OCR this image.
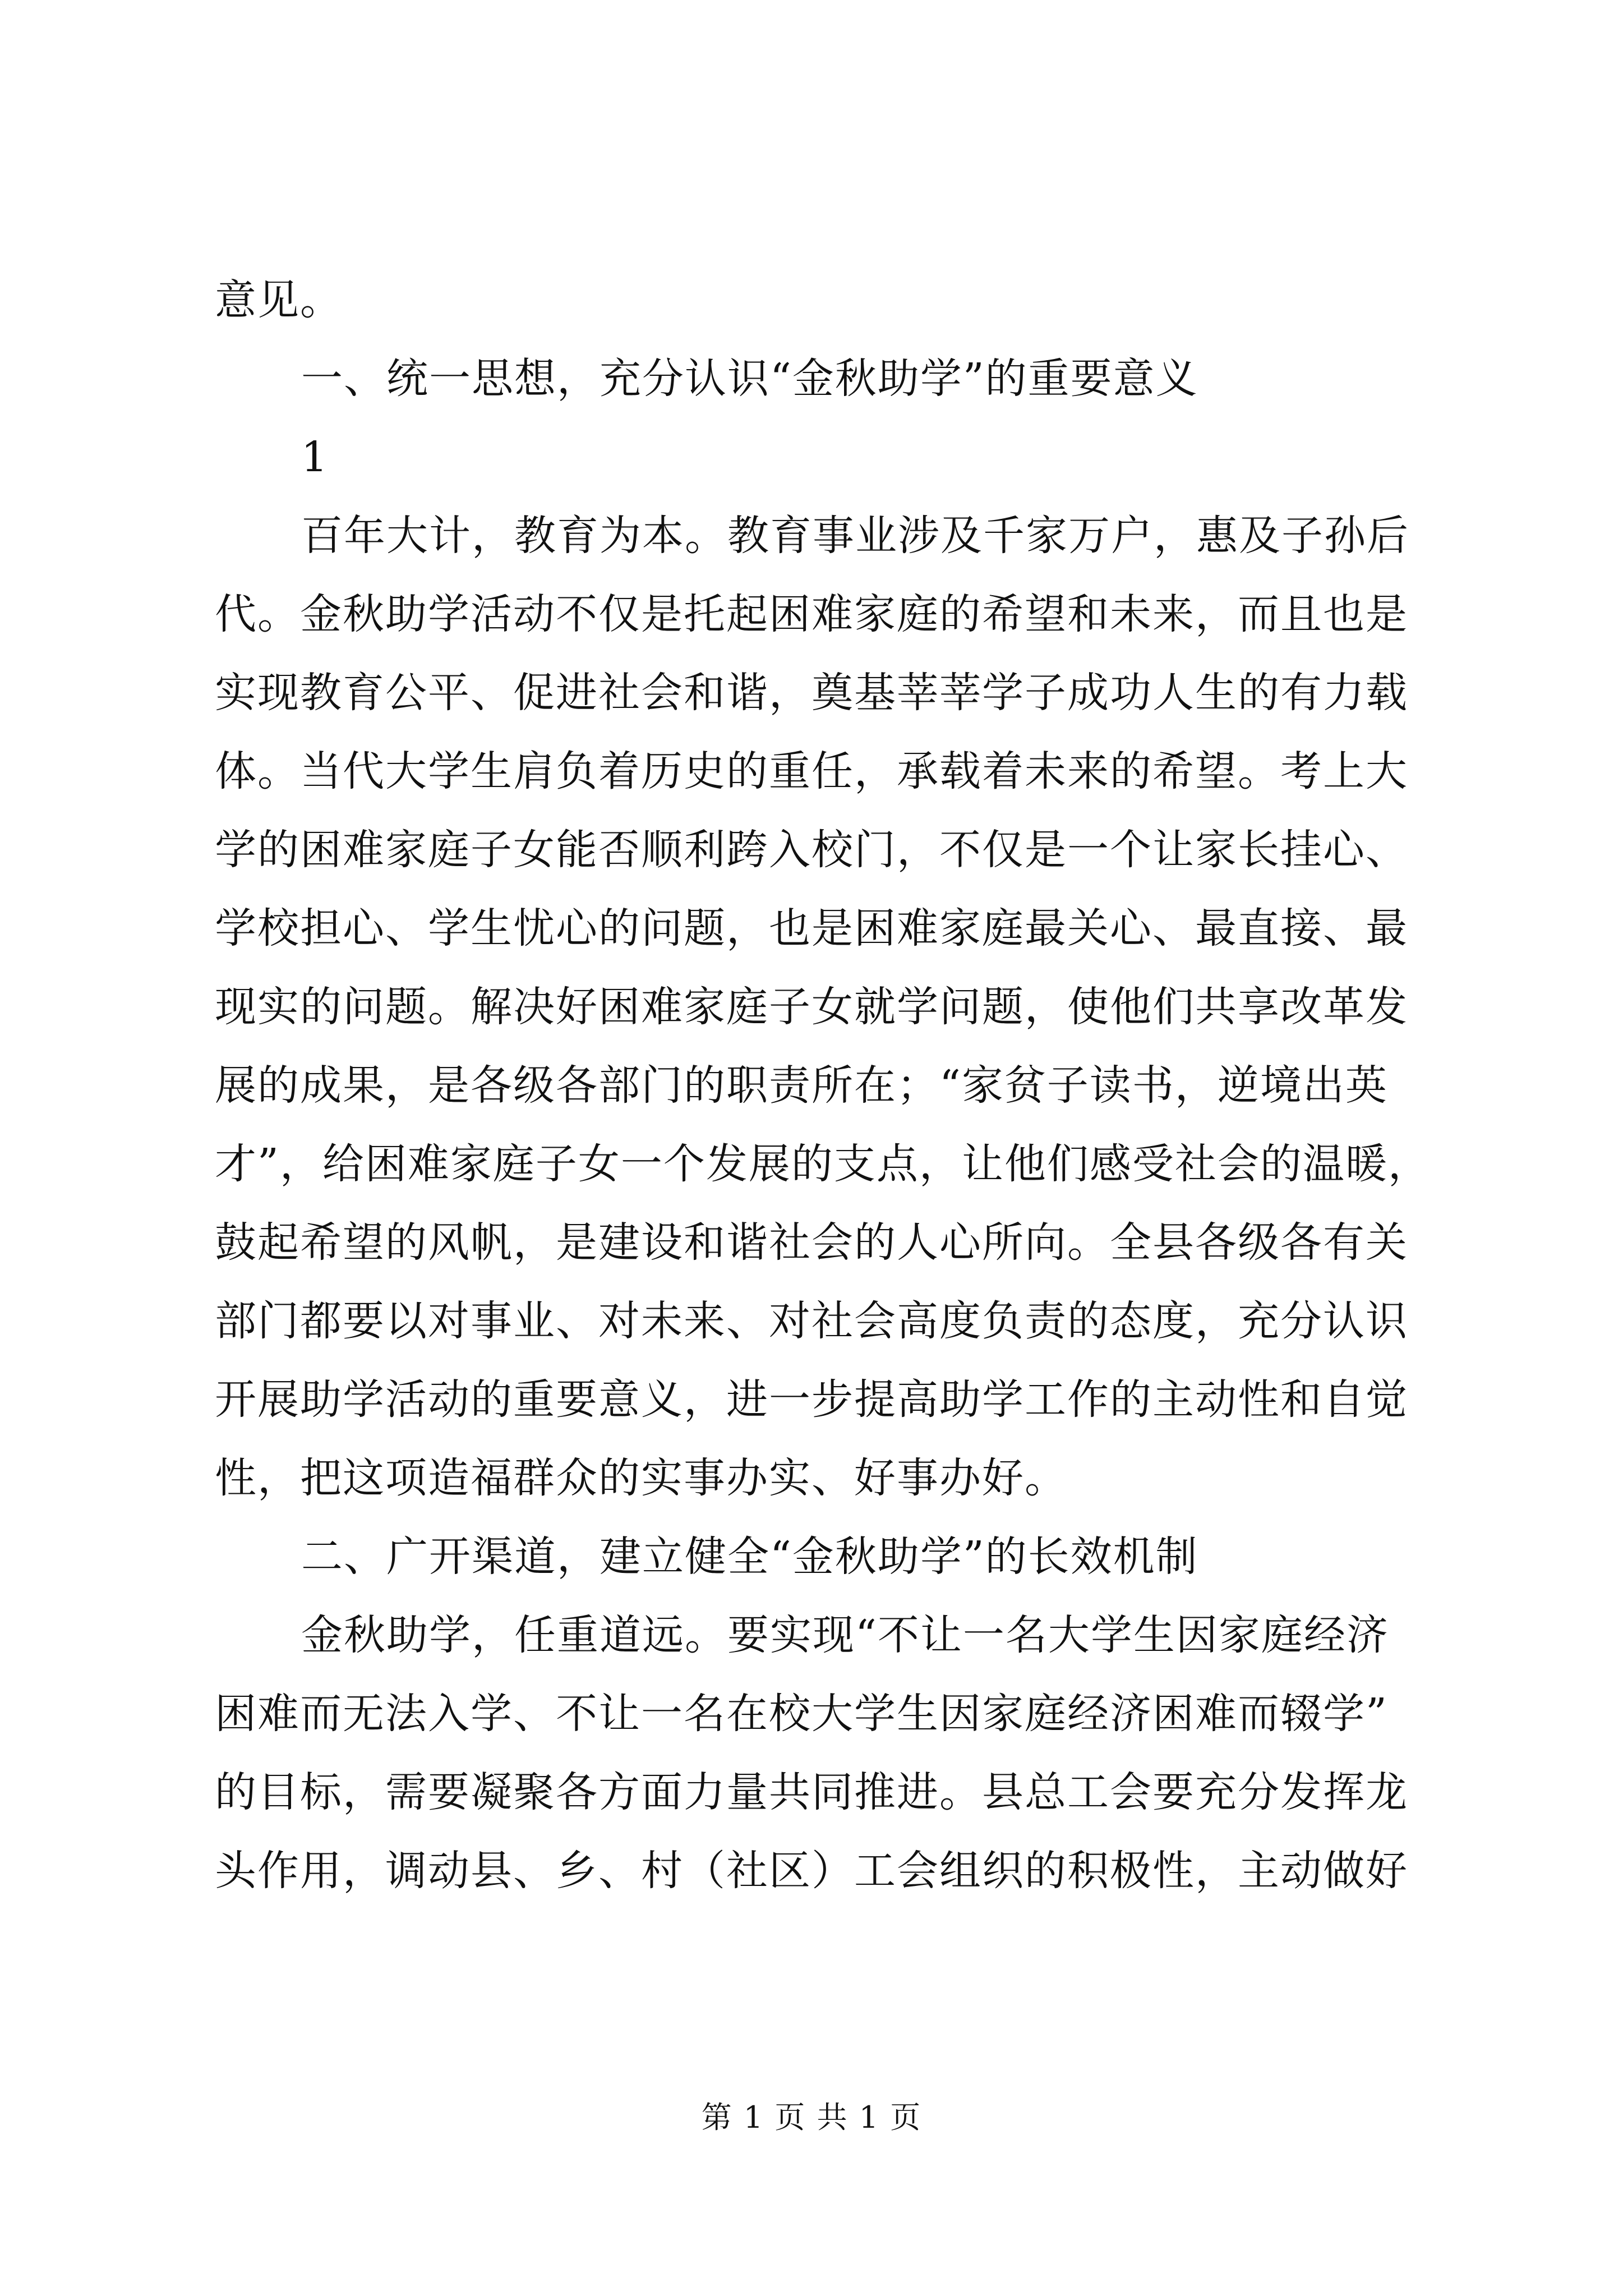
意见。
一、统一思想，充分认识“金秋助学”的重要意义
1
百年大计，教育为本。教育事业涉及千家万户，惠及子孙后
代。金秋助学活动不仅是托起困难家庭的希望和未来，而且也是
实现教育公平、促进社会和谐，奠基莘莘学子成功人生的有力载
体。当代大学生肩负着历史的重任，承载着未来的希望。考上大
学的困难家庭子女能否顺利跨入校门，不仅是一个让家长挂心、
学校担心、学生忧心的问题，也是困难家庭最关心、最直接、最
现实的问题。解决好困难家庭子女就学问题，使他们共享改革发
展的成果，是各级各部门的职责所在；“家贫子读书，逆境出英
才”，给困难家庭子女一个发展的支点，让他们感受社会的温暖，
鼓起希望的风帆，是建设和谐社会的人心所向。全县各级各有关
部门都要以对事业、对未来、对社会高度负责的态度，充分认识
开展助学活动的重要意义，进一步提高助学工作的主动性和自觉
性，把这项造福群众的实事办实、好事办好。
二、广开渠道，建立健全“金秋助学”的长效机制
金秋助学，任重道远。要实现“不让一名大学生因家庭经济
困难而无法入学、不让一名在校大学生因家庭经济困难而辍学”
的目标，需要凝聚各方面力量共同推进。县总工会要充分发挥龙
头作用，调动县、乡、村（社区）工会组织的积极性，主动做好
第 1 页 共 1 页
